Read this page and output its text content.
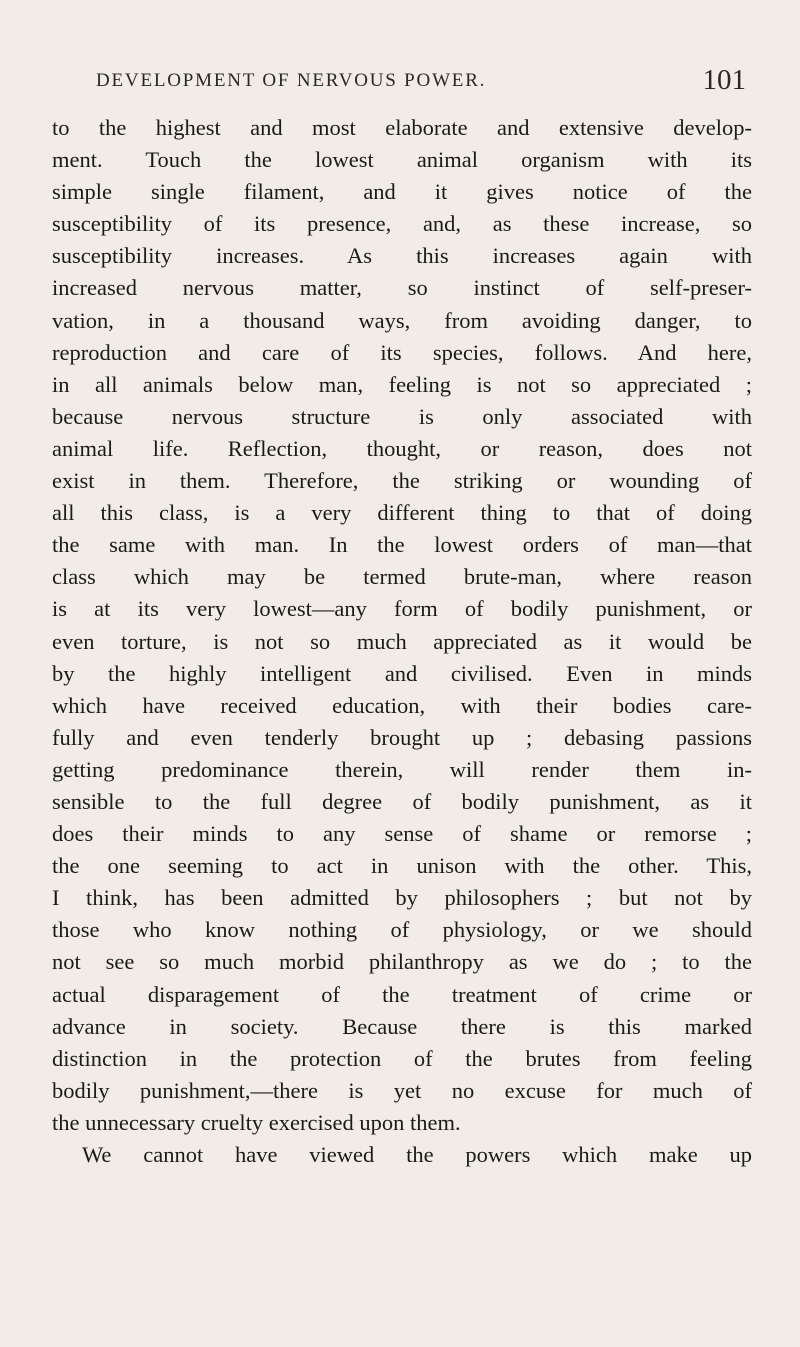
DEVELOPMENT OF NERVOUS POWER.	101
to the highest and most elaborate and extensive develop-
ment. Touch the lowest animal organism with its
simple single filament, and it gives notice of the
susceptibility of its presence, and, as these increase, so
susceptibility increases. As this increases again with
increased nervous matter, so instinct of self-preser-
vation, in a thousand ways, from avoiding danger, to
reproduction and care of its species, follows. And here,
in all animals below man, feeling is not so appreciated ;
because nervous structure is only associated with
animal life. Reflection, thought, or reason, does not
exist in them. Therefore, the striking or wounding of
all this class, is a very different thing to that of doing
the same with man. In the lowest orders of man—that
class which may be termed brute-man, where reason
is at its very lowest—any form of bodily punishment, or
even torture, is not so much appreciated as it would be
by the highly intelligent and civilised. Even in minds
which have received education, with their bodies care-
fully and even tenderly brought up ; debasing passions
getting predominance therein, will render them in-
sensible to the full degree of bodily punishment, as it
does their minds to any sense of shame or remorse ;
the one seeming to act in unison with the other. This,
I think, has been admitted by philosophers ; but not by
those who know nothing of physiology, or we should
not see so much morbid philanthropy as we do ; to the
actual disparagement of the treatment of crime or
advance in society. Because there is this marked
distinction in the protection of the brutes from feeling
bodily punishment,—there is yet no excuse for much of
the unnecessary cruelty exercised upon them.
We cannot have viewed the powers which make up
